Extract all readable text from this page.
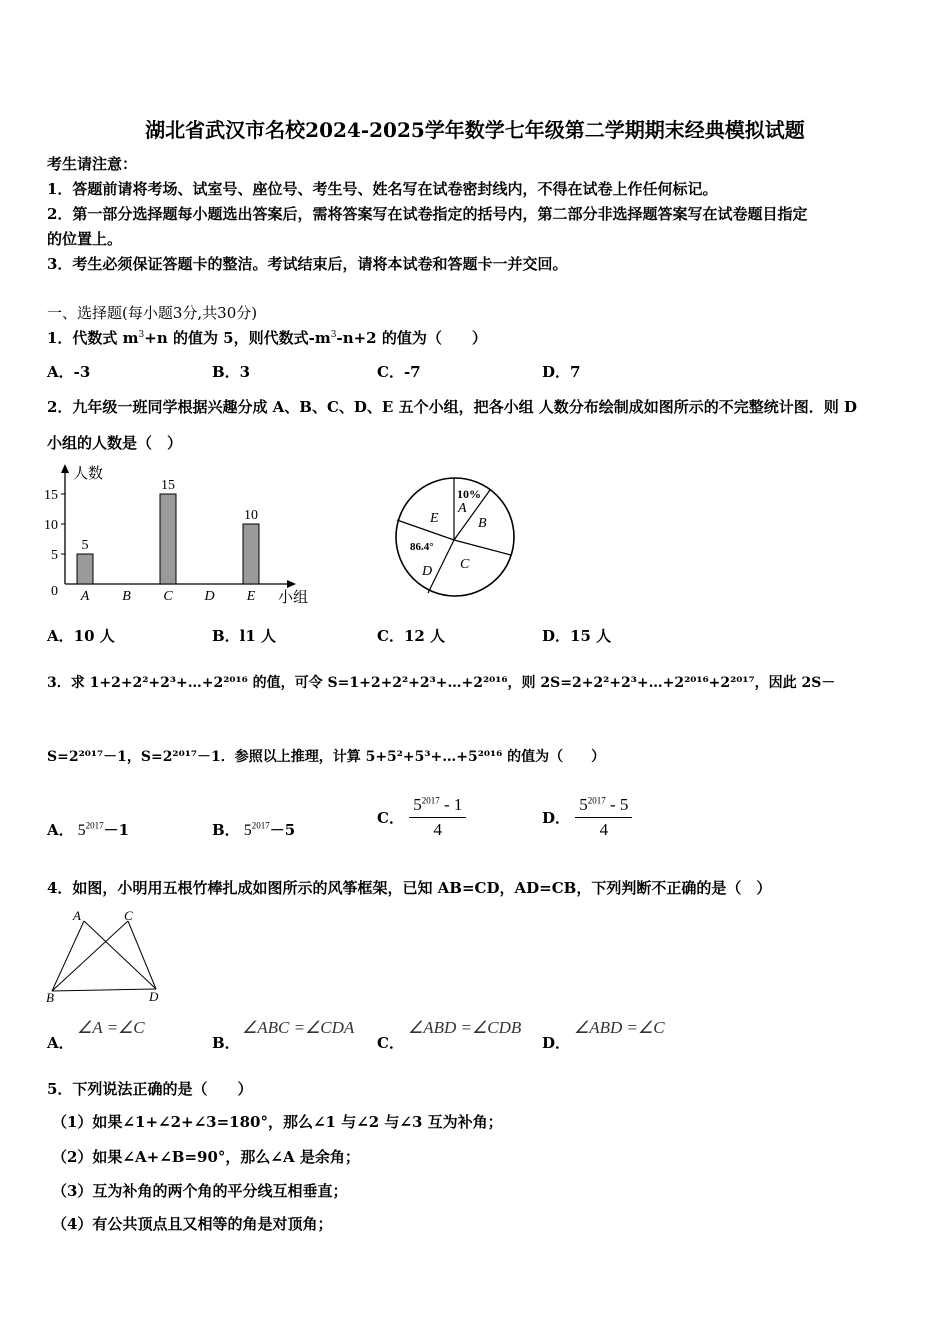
湖北省武汉市名校2024-2025学年数学七年级第二学期期末经典模拟试题
考生请注意：
1．答题前请将考场、试室号、座位号、考生号、姓名写在试卷密封线内，不得在试卷上作任何标记。
2．第一部分选择题每小题选出答案后，需将答案写在试卷指定的括号内，第二部分非选择题答案写在试卷题目指定
的位置上。
3．考生必须保证答题卡的整洁。考试结束后，请将本试卷和答题卡一并交回。
一、选择题(每小题3分,共30分)
1．代数式 $m^3+n$ 的值为 5，则代数式$-m^3-n+2$ 的值为（　　）
A．-3	B．3	C．-7	D．7
2．九年级一班同学根据兴趣分成 A、B、C、D、E 五个小组，把各小组 人数分布绘制成如图所示的不完整统计图．则 D
小组的人数是（　）
人数
小组
0
5
10
15
A
5
B C
15
D E
10
10%
A
B
C
D
E
86.4°
A．10 人	B．l1 人	C．12 人	D．15 人
3．求 1+2+2²+2³+…+2²⁰¹⁶ 的值，可令 S=1+2+2²+2³+…+2²⁰¹⁶，则 2S=2+2²+2³+…+2²⁰¹⁶+2²⁰¹⁷，因此 2S－
S=2²⁰¹⁷－1，S=2²⁰¹⁷－1．参照以上推理，计算 5+5²+5³+…+5²⁰¹⁶ 的值为（　　）
A． $5^{2017}-1$	B． $5^{2017}-5$
C． $\frac{5^{2017} - 1}{4}$	D． $\frac{5^{2017} - 5}{4}$
4．如图，小明用五根竹棒扎成如图所示的风筝框架，已知 AB=CD，AD=CB，下列判断不正确的是（　）
A	C
B	D
A．
∠A =∠C
B．
∠ABC =∠CDA
C．
∠ABD =∠CDB
D．
∠ABD =∠C
5．下列说法正确的是（　　）
（1）如果∠1+∠2+∠3=180°，那么∠1 与∠2 与∠3 互为补角；
（2）如果∠A+∠B=90°，那么∠A 是余角；
（3）互为补角的两个角的平分线互相垂直；
（4）有公共顶点且又相等的角是对顶角；
